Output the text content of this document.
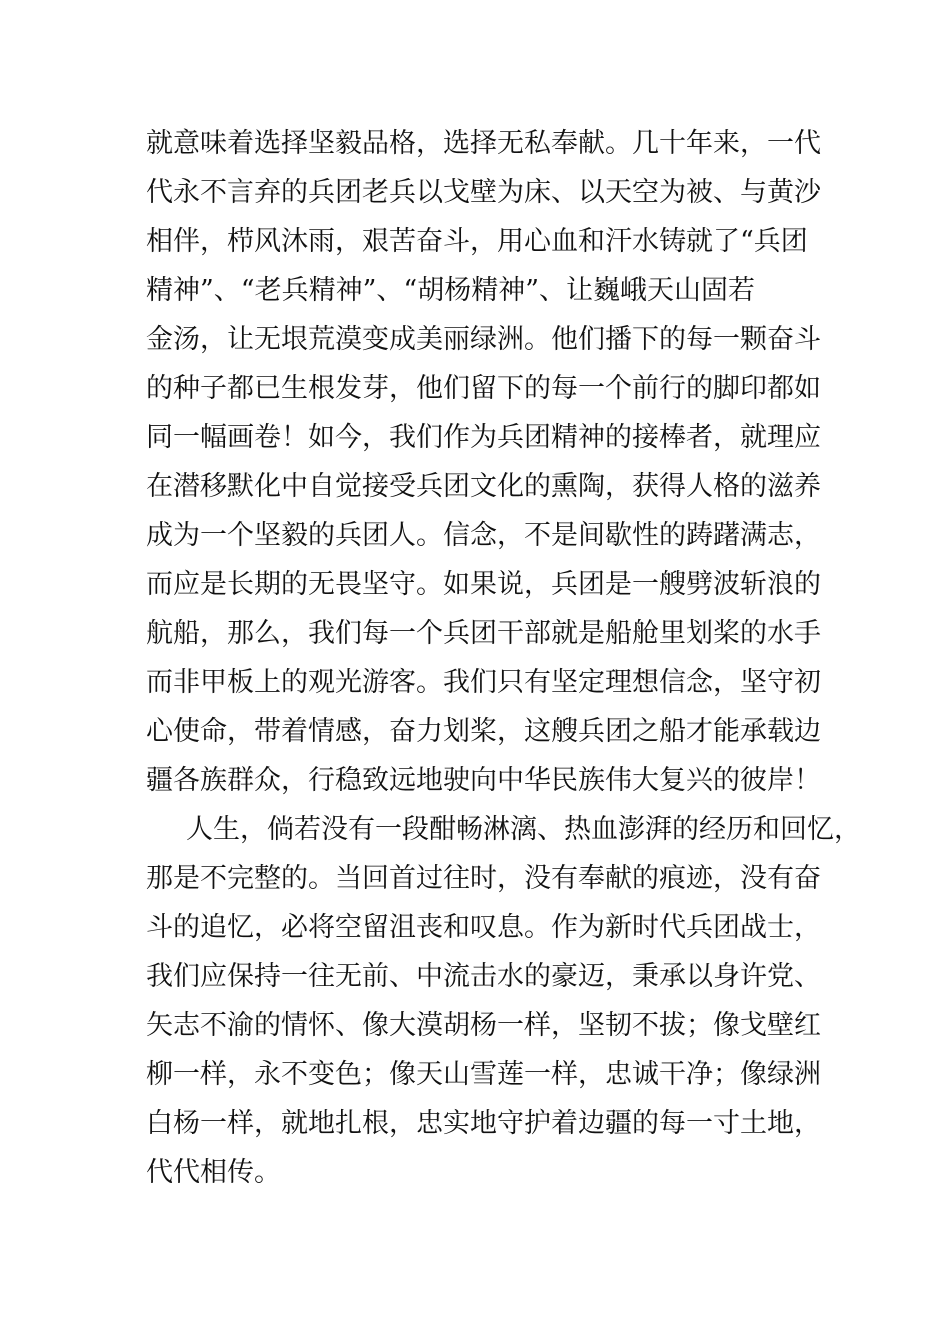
就意味着选择坚毅品格，选择无私奉献。几十年来，一代
代永不言弃的兵团老兵以戈壁为床、以天空为被、与黄沙
相伴，栉风沐雨，艰苦奋斗，用心血和汗水铸就了“兵团
精神”、“老兵精神”、“胡杨精神”、让巍峨天山固若
金汤，让无垠荒漠变成美丽绿洲。他们播下的每一颗奋斗
的种子都已生根发芽，他们留下的每一个前行的脚印都如
同一幅画卷！如今，我们作为兵团精神的接棒者，就理应
在潜移默化中自觉接受兵团文化的熏陶，获得人格的滋养
成为一个坚毅的兵团人。信念，不是间歇性的踌躇满志，
而应是长期的无畏坚守。如果说，兵团是一艘劈波斩浪的
航船，那么，我们每一个兵团干部就是船舱里划桨的水手
而非甲板上的观光游客。我们只有坚定理想信念，坚守初
心使命，带着情感，奋力划桨，这艘兵团之船才能承载边
疆各族群众，行稳致远地驶向中华民族伟大复兴的彼岸！
人生，倘若没有一段酣畅淋漓、热血澎湃的经历和回忆，
那是不完整的。当回首过往时，没有奉献的痕迹，没有奋
斗的追忆，必将空留沮丧和叹息。作为新时代兵团战士，
我们应保持一往无前、中流击水的豪迈，秉承以身许党、
矢志不渝的情怀、像大漠胡杨一样，坚韧不拔；像戈壁红
柳一样，永不变色；像天山雪莲一样，忠诚干净；像绿洲
白杨一样，就地扎根，忠实地守护着边疆的每一寸土地，
代代相传。
